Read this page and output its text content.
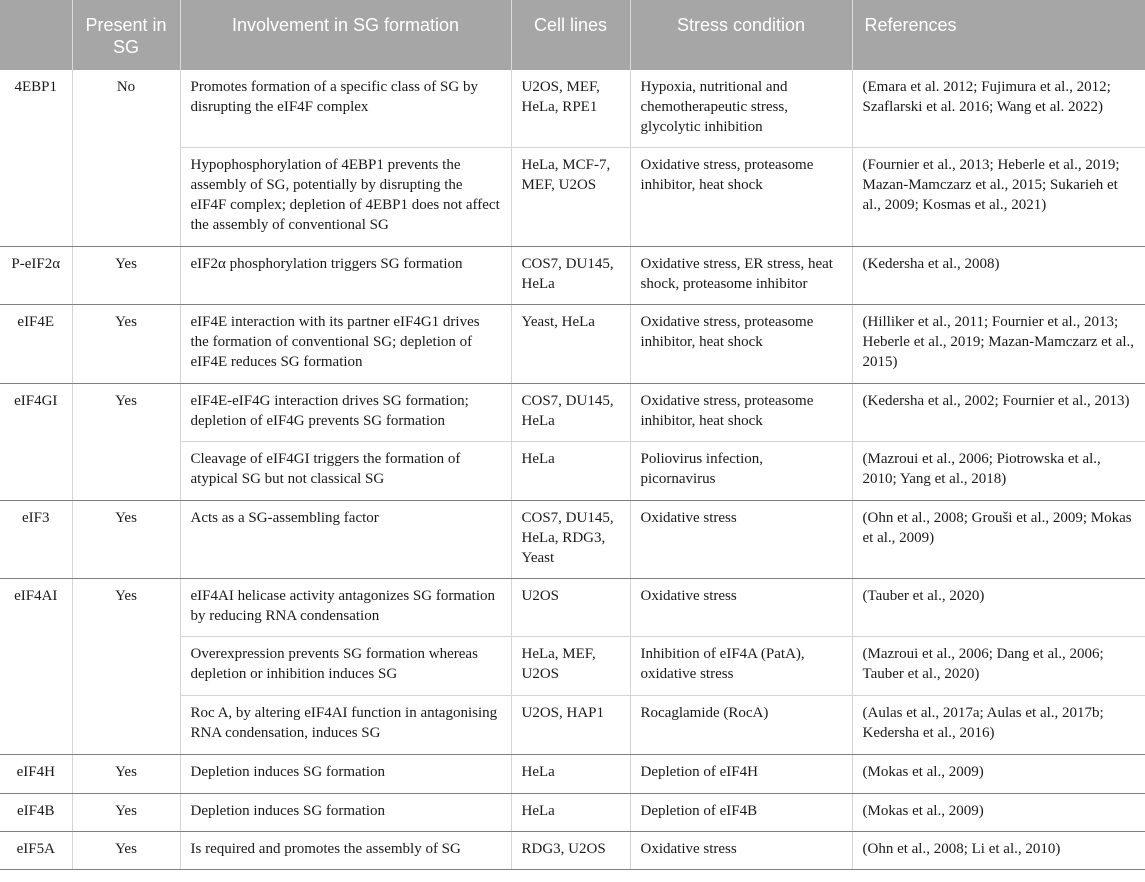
	Present in SG	Involvement in SG formation	Cell lines	Stress condition	References
4EBP1	No	Promotes formation of a specific class of SG by disrupting the eIF4F complex	U2OS, MEF, HeLa, RPE1	Hypoxia, nutritional and chemotherapeutic stress, glycolytic inhibition	(Emara et al. 2012; Fujimura et al., 2012; Szaflarski et al. 2016; Wang et al. 2022)
		Hypophosphorylation of 4EBP1 prevents the assembly of SG, potentially by disrupting the eIF4F complex; depletion of 4EBP1 does not affect the assembly of conventional SG	HeLa, MCF-7, MEF, U2OS	Oxidative stress, proteasome inhibitor, heat shock	(Fournier et al., 2013; Heberle et al., 2019; Mazan-Mamczarz et al., 2015; Sukarieh et al., 2009; Kosmas et al., 2021)
P-eIF2α	Yes	eIF2α phosphorylation triggers SG formation	COS7, DU145, HeLa	Oxidative stress, ER stress, heat shock, proteasome inhibitor	(Kedersha et al., 2008)
eIF4E	Yes	eIF4E interaction with its partner eIF4G1 drives the formation of conventional SG; depletion of eIF4E reduces SG formation	Yeast, HeLa	Oxidative stress, proteasome inhibitor, heat shock	(Hilliker et al., 2011; Fournier et al., 2013; Heberle et al., 2019; Mazan-Mamczarz et al., 2015)
eIF4GI	Yes	eIF4E-eIF4G interaction drives SG formation; depletion of eIF4G prevents SG formation	COS7, DU145, HeLa	Oxidative stress, proteasome inhibitor, heat shock	(Kedersha et al., 2002; Fournier et al., 2013)
		Cleavage of eIF4GI triggers the formation of atypical SG but not classical SG	HeLa	Poliovirus infection, picornavirus	(Mazroui et al., 2006; Piotrowska et al., 2010; Yang et al., 2018)
eIF3	Yes	Acts as a SG-assembling factor	COS7, DU145, HeLa, RDG3, Yeast	Oxidative stress	(Ohn et al., 2008; Grouši et al., 2009; Mokas et al., 2009)
eIF4AI	Yes	eIF4AI helicase activity antagonizes SG formation by reducing RNA condensation	U2OS	Oxidative stress	(Tauber et al., 2020)
		Overexpression prevents SG formation whereas depletion or inhibition induces SG	HeLa, MEF, U2OS	Inhibition of eIF4A (PatA), oxidative stress	(Mazroui et al., 2006; Dang et al., 2006; Tauber et al., 2020)
		Roc A, by altering eIF4AI function in antagonising RNA condensation, induces SG	U2OS, HAP1	Rocaglamide (RocA)	(Aulas et al., 2017a; Aulas et al., 2017b; Kedersha et al., 2016)
eIF4H	Yes	Depletion induces SG formation	HeLa	Depletion of eIF4H	(Mokas et al., 2009)
eIF4B	Yes	Depletion induces SG formation	HeLa	Depletion of eIF4B	(Mokas et al., 2009)
eIF5A	Yes	Is required and promotes the assembly of SG	RDG3, U2OS	Oxidative stress	(Ohn et al., 2008; Li et al., 2010)
